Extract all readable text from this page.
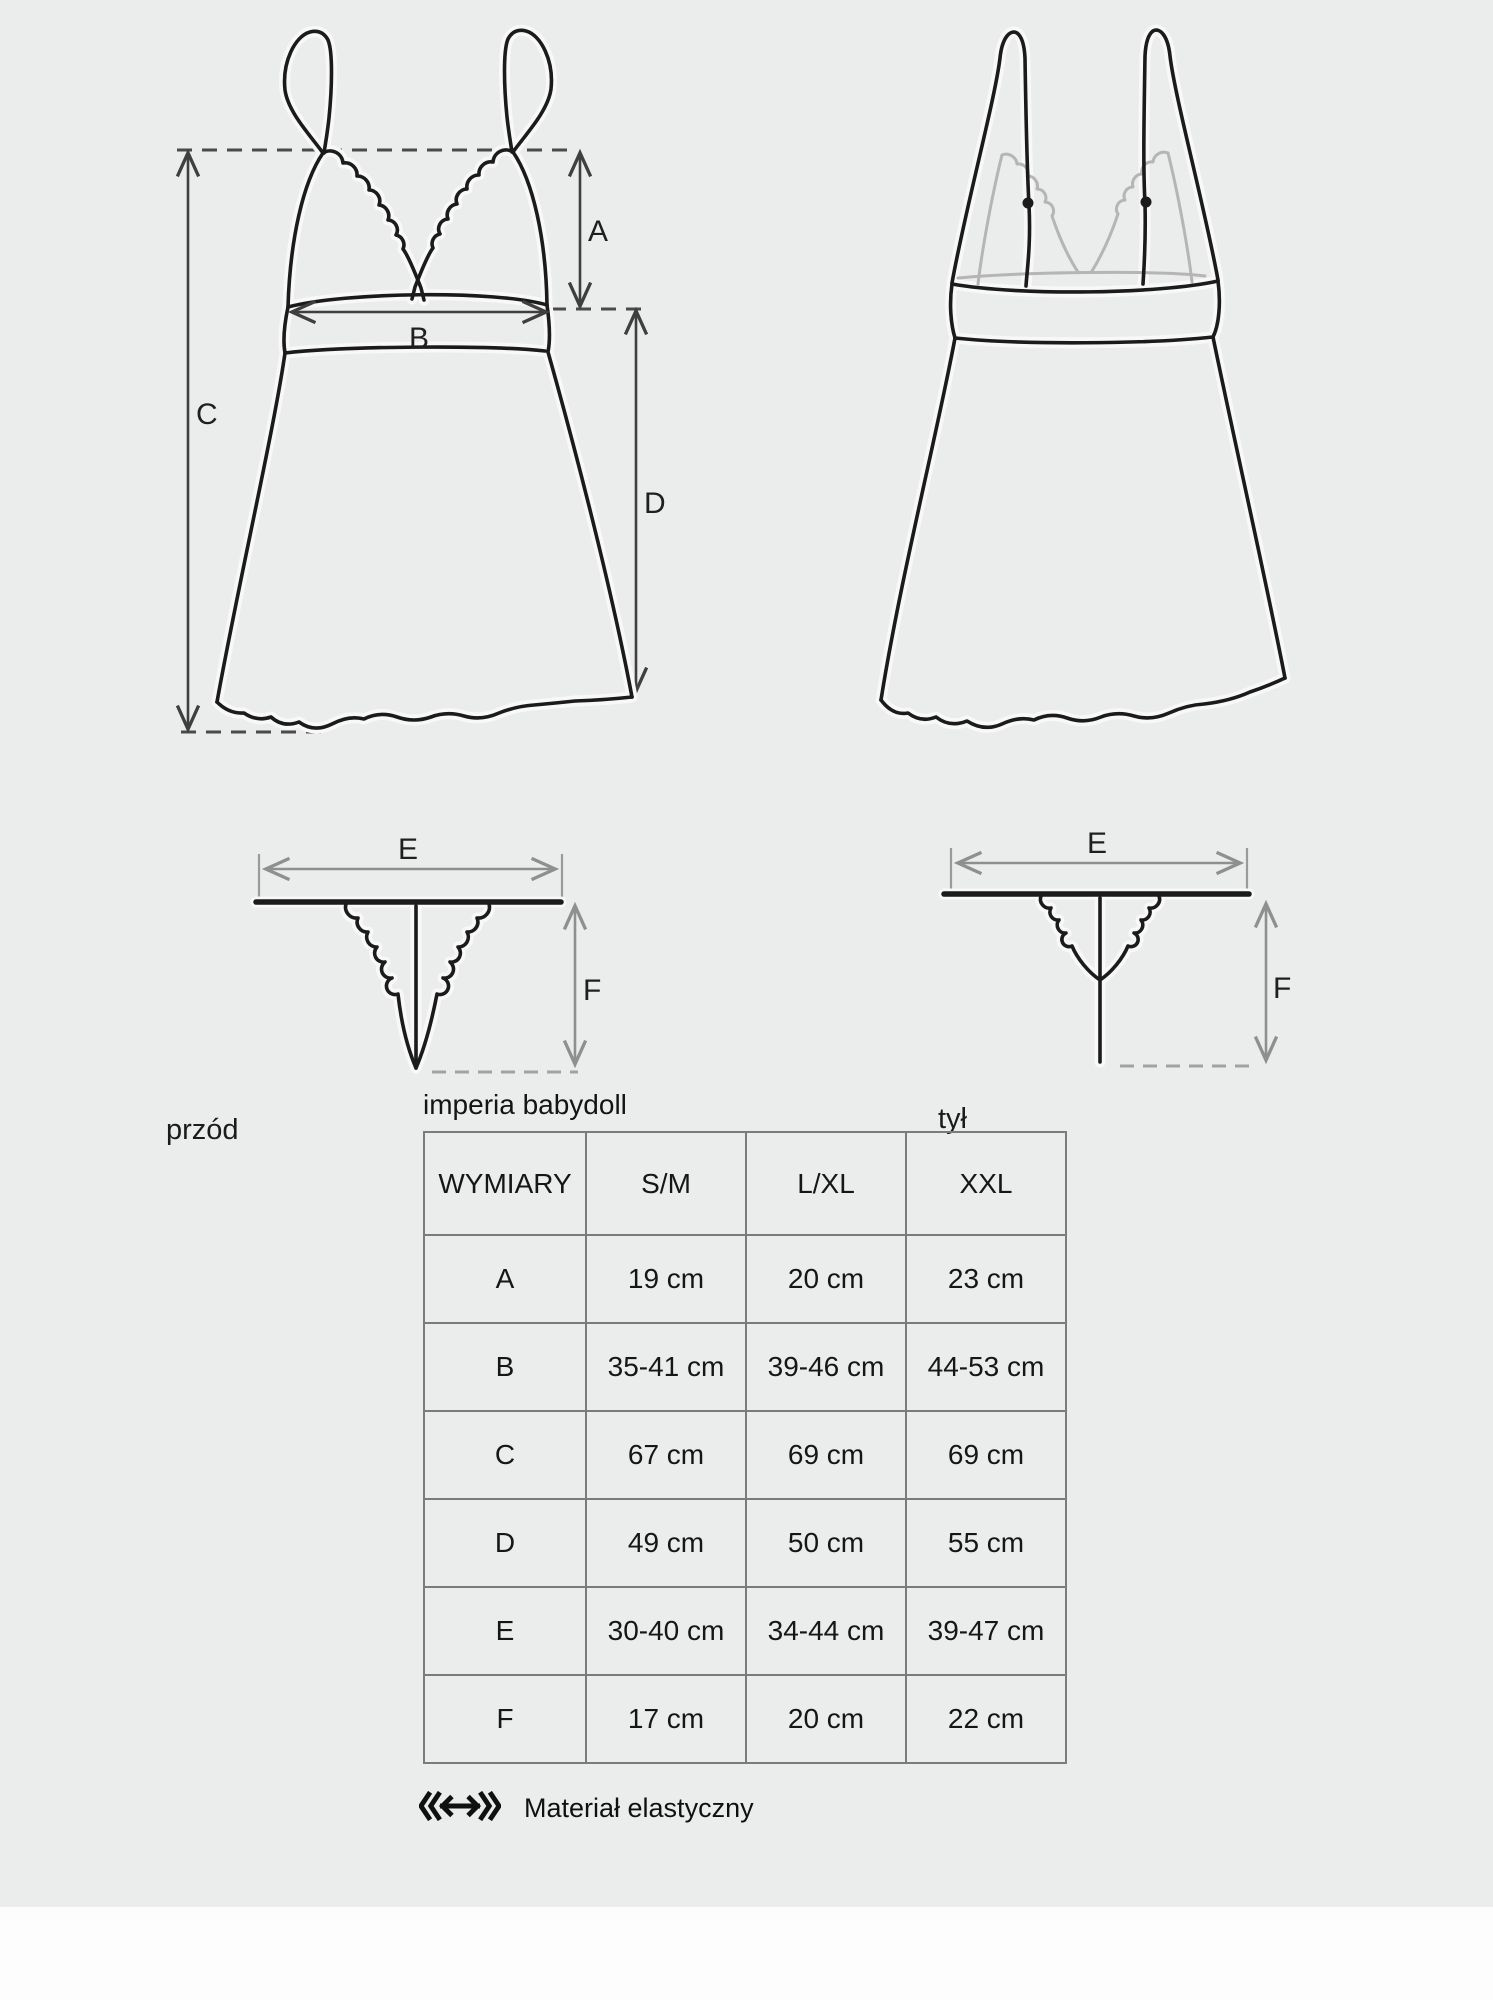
A
B
C
D
E
F
E
F
przód	tył
imperia babydoll
WYMIARY	S/M	L/XL	XXL
A	19 cm	20 cm	23 cm
B	35-41 cm	39-46 cm	44-53 cm
C	67 cm	69 cm	69 cm
D	49 cm	50 cm	55 cm
E	30-40 cm	34-44 cm	39-47 cm
F	17 cm	20 cm	22 cm
Materiał elastyczny
